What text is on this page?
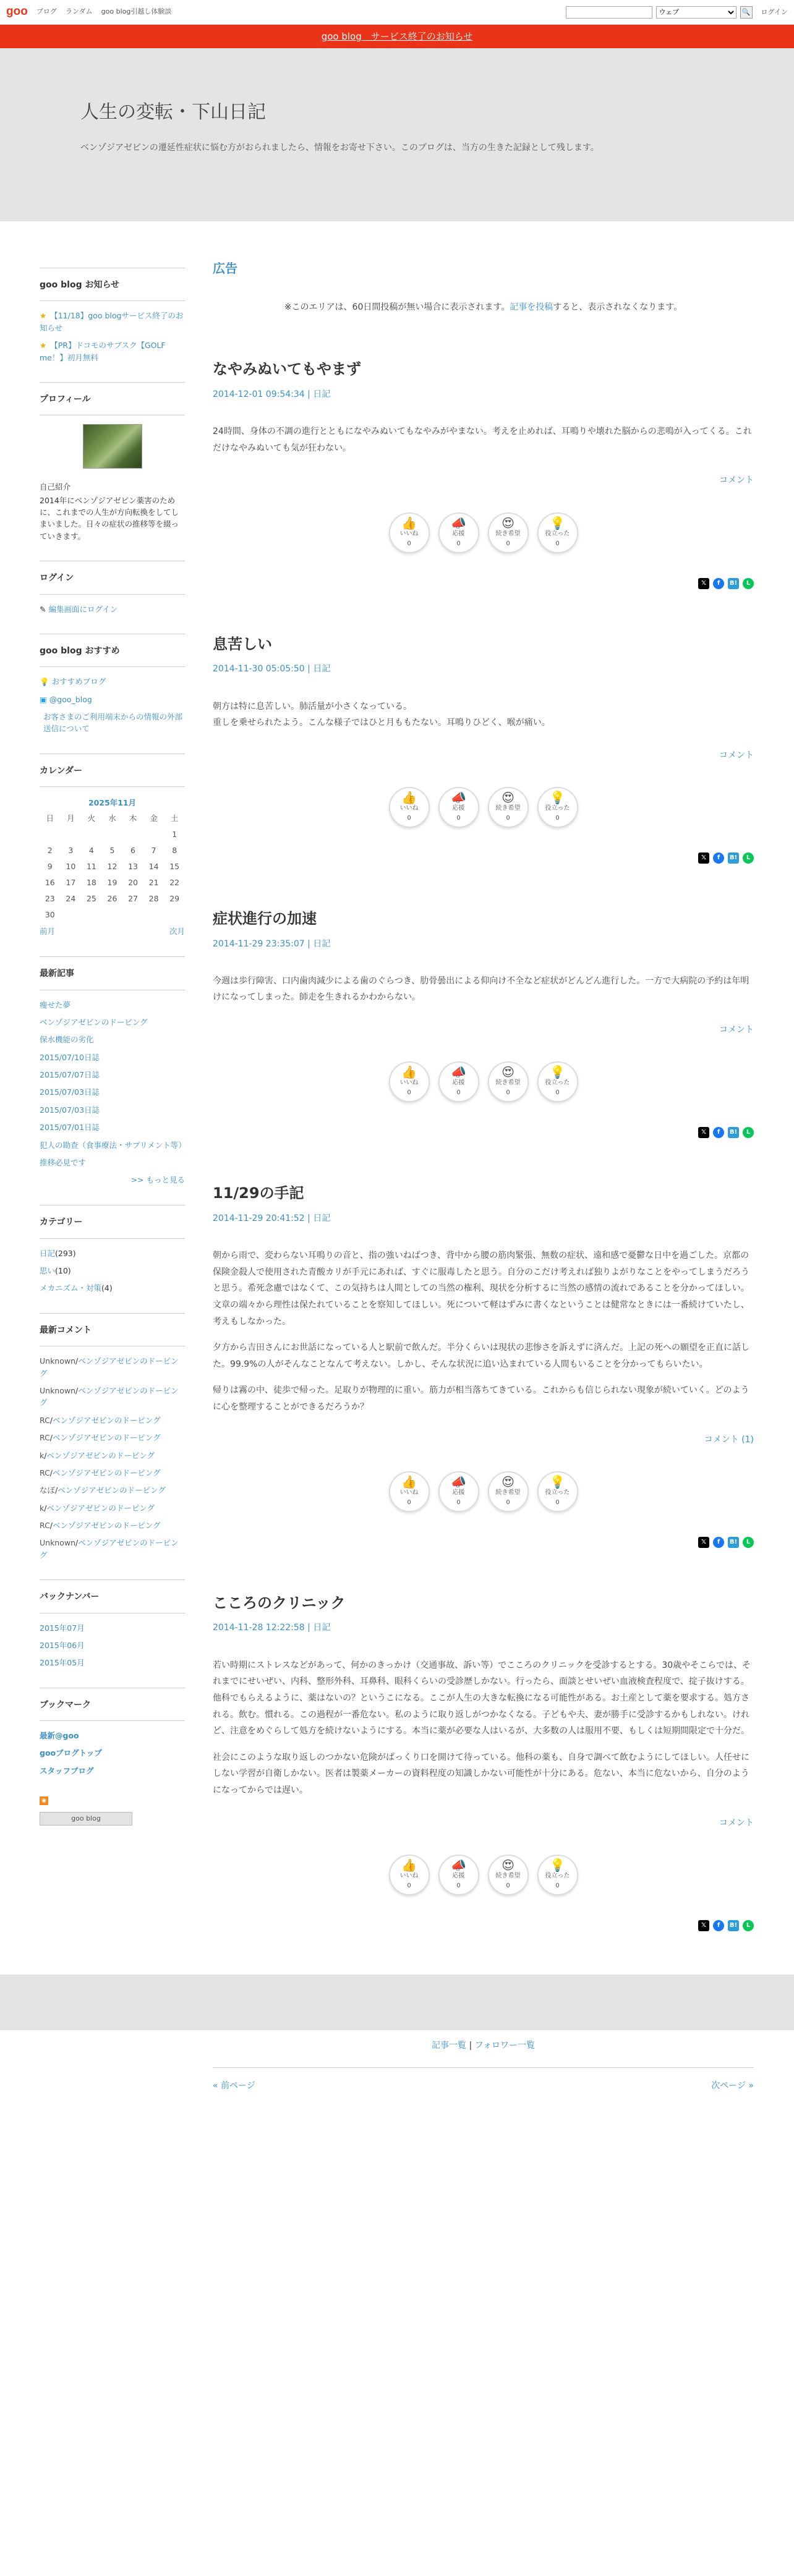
goo ブログ ランダム goo blog引越し体験談
ウェブ	🔍 ログイン
goo blog　サービス終了のお知らせ
人生の変転・下山日記

ベンゾジアゼピンの遷延性症状に悩む方がおられましたら、情報をお寄せ下さい。このブログは、当方の生きた記録として残します。

goo blog お知らせ
★ 【11/18】goo blogサービス終了のお知らせ
★ 【PR】ドコモのサブスク【GOLF me！】初月無料
プロフィール
自己紹介
2014年にベンゾジアゼピン薬害のために、これまでの人生が方向転換をしてしまいました。日々の症状の推移等を綴っていきます。
ログイン
✎ 編集画面にログイン
goo blog おすすめ
💡 おすすめブログ
▣ @goo_blog
お客さまのご利用端末からの情報の外部送信について
カレンダー
2025年11月						
日	月	火	水	木	金	土
						1
2	3	4	5	6	7	8
9	10	11	12	13	14	15
16	17	18	19	20	21	22
23	24	25	26	27	28	29
30						
前月	次月
最新記事
瘦せた夢
ベンゾジアゼピンのドーピング
保水機能の劣化
2015/07/10日誌
2015/07/07日誌
2015/07/03日誌
2015/07/03日誌
2015/07/01日誌
犯人の勘查（食事療法・サプリメント等）
推移必見です
>> もっと見る
カテゴリー
日記(293)
思い(10)
メカニズム・対策(4)
最新コメント
Unknown/ベンゾジアゼピンのドーピング
Unknown/ベンゾジアゼピンのドーピング
RC/ベンゾジアゼピンのドーピング
RC/ベンゾジアゼピンのドーピング
k/ベンゾジアゼピンのドーピング
RC/ベンゾジアゼピンのドーピング
なぼ/ベンゾジアゼピンのドーピング
k/ベンゾジアゼピンのドーピング
RC/ベンゾジアゼピンのドーピング
Unknown/ベンゾジアゼピンのドーピング
バックナンバー
2015年07月
2015年06月
2015年05月
ブックマーク
最新@goo
gooブログトップ
スタッフブログ
◉
goo blog
広告

※このエリアは、60日間投稿が無い場合に表示されます。記事を投稿すると、表示されなくなります。

なやみぬいてもやまず
2014-12-01 09:54:34 | 日記

24時間、身体の不調の進行とともになやみぬいてもなやみがやまない。考えを止めれば、耳鳴りや壊れた脳からの悲鳴が入ってくる。これだけなやみぬいても気が狂わない。

コメント
👍
いいね
0
📣
応援
0
😍
続き希望
0
💡
役立った
0
𝕏	f	B!	L
息苦しい
2014-11-30 05:05:50 | 日記

朝方は特に息苦しい。肺活量が小さくなっている。
重しを乗せられたよう。こんな様子ではひと月ももたない。耳鳴りひどく、喉が痛い。

コメント
👍
いいね
0
📣
応援
0
😍
続き希望
0
💡
役立った
0
𝕏	f	B!	L
症状進行の加速
2014-11-29 23:35:07 | 日記

今週は歩行障害、口内歯肉減少による歯のぐらつき、肋骨曇出による仰向け不全など症状がどんどん進行した。一方で大病院の予約は年明けになってしまった。師走を生きれるかわからない。

コメント
👍
いいね
0
📣
応援
0
😍
続き希望
0
💡
役立った
0
𝕏	f	B!	L
11/29の手記
2014-11-29 20:41:52 | 日記

朝から雨で、変わらない耳鳴りの音と、指の強いねばつき、背中から腰の筋肉緊張、無数の症状、遠和感で憂鬱な日中を過ごした。京都の保険金殺人で使用された青酸カリが手元にあれば、すぐに服毒したと思う。自分のこだけ考えれば独りよがりなことをやってしまうだろうと思う。希死念慮ではなくて、この気持ちは人間としての当然の権利、現状を分析するに当然の感情の流れであることを分かってほしい。文章の端々から理性は保たれていることを察知してほしい。死について軽はずみに書くなということは健常なときには一番続けていたし、考えもしなかった。

夕方から吉田さんにお世話になっている人と駅前で飲んだ。半分くらいは現状の悲惨さを訴えずに済んだ。上記の死への願望を正直に話した。99.9%の人がそんなことなんて考えない。しかし、そんな状況に追い込まれている人間もいることを分かってもらいたい。

帰りは霧の中、徒歩で帰った。足取りが物理的に重い。筋力が相当落ちてきている。これからも信じられない現象が続いていく。どのように心を整理することができるだろうか？

コメント (1)
👍
いいね
0
📣
応援
0
😍
続き希望
0
💡
役立った
0
𝕏	f	B!	L
こころのクリニック
2014-11-28 12:22:58 | 日記

若い時期にストレスなどがあって、何かのきっかけ（交通事故、訴い等）でこころのクリニックを受診するとする。30歳やそこらでは、それまでにせいぜい、内科、整形外科、耳鼻科、眼科くらいの受診歴しかない。行ったら、面談とせいぜい血液検査程度で、掟子抜けする。他科でもらえるように、薬はないの？というこになる。ここが人生の大きな転換になる可能性がある。お土産として薬を要求する。処方される。飲む。慣れる。この過程が一番危ない。私のように取り返しがつかなくなる。子どもや夫、妻が勝手に受診するかもしれない。けれど、注意をめぐらして処方を続けないようにする。本当に薬が必要な人はいるが、大多数の人は服用不要、もしくは短期間限定で十分だ。

社会にこのような取り返しのつかない危険がぱっくり口を開けて待っている。他科の薬も、自身で調べて飲むようにしてほしい。人任せにしない学習が自衛しかない。医者は製薬メーカーの資料程度の知識しかない可能性が十分にある。危ない、本当に危ないから、自分のようになってからでは遅い。

コメント
👍
いいね
0
📣
応援
0
😍
続き希望
0
💡
役立った
0
𝕏	f	B!	L
記事一覧 | フォロワー一覧
« 前ページ	次ページ »
